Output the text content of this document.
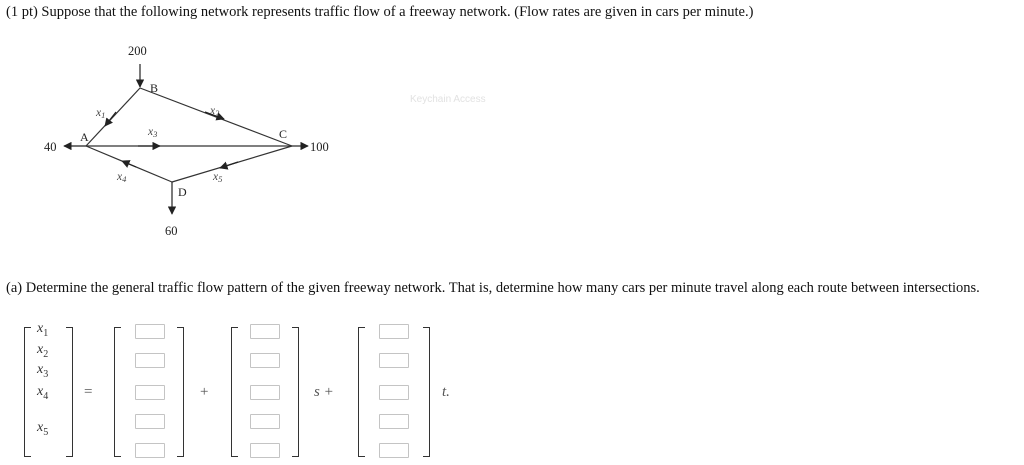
(1 pt) Suppose that the following network represents traffic flow of a freeway network. (Flow rates are given in cars per minute.)
Keychain Access
200
40	100
60
B
A	C
D
x1	x2
x3
x4	x5
(a) Determine the general traffic flow pattern of the given freeway network. That is, determine how many cars per minute travel along each route between intersections.
$x_1$
$x_2$
$x_3$
$x_4$
$x_5$
=	+	s +	t.
